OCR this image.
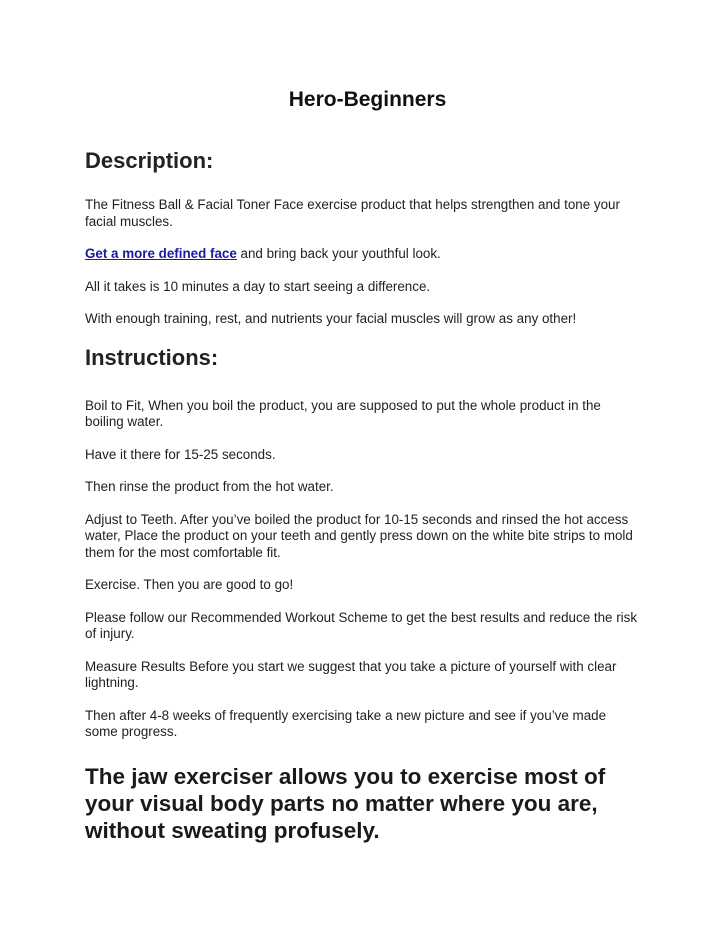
Hero-Beginners
Description:

The Fitness Ball & Facial Toner Face exercise product that helps strengthen and tone your facial muscles.

Get a more defined face and bring back your youthful look.

All it takes is 10 minutes a day to start seeing a difference.

With enough training, rest, and nutrients your facial muscles will grow as any other!

Instructions:

Boil to Fit, When you boil the product, you are supposed to put the whole product in the boiling water.

Have it there for 15-25 seconds.

Then rinse the product from the hot water.

Adjust to Teeth. After you’ve boiled the product for 10-15 seconds and rinsed the hot access water, Place the product on your teeth and gently press down on the white bite strips to mold them for the most comfortable fit.

Exercise. Then you are good to go!

Please follow our Recommended Workout Scheme to get the best results and reduce the risk of injury.

Measure Results Before you start we suggest that you take a picture of yourself with clear lightning.

Then after 4-8 weeks of frequently exercising take a new picture and see if you’ve made some progress.

The jaw exerciser allows you to exercise most of your visual body parts no matter where you are, without sweating profusely.
